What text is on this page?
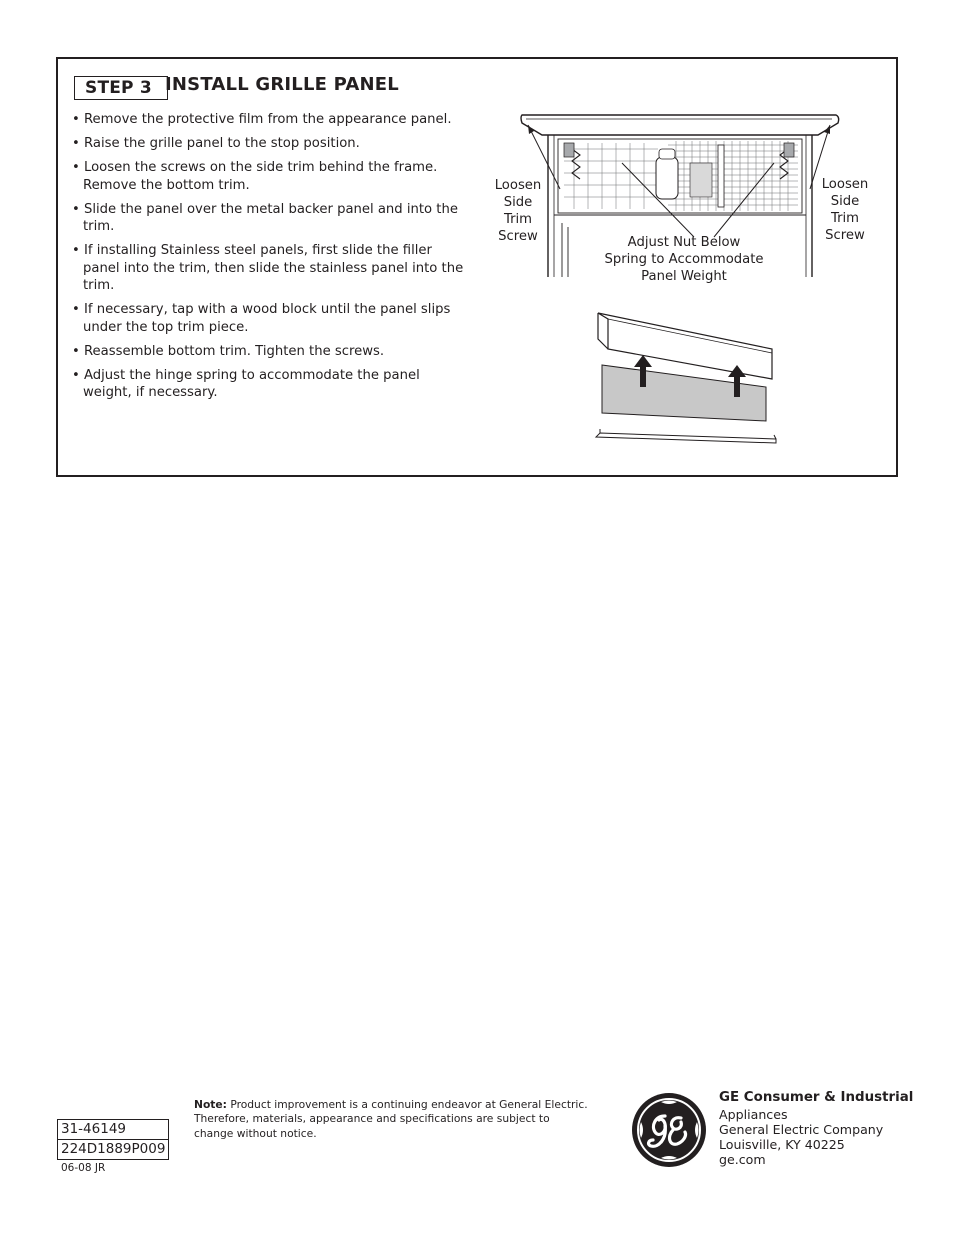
STEP 3 INSTALL GRILLE PANEL
• Remove the protective film from the appearance panel.
• Raise the grille panel to the stop position.
• Loosen the screws on the side trim behind the frame. Remove the bottom trim.
• Slide the panel over the metal backer panel and into the trim.
• If installing Stainless steel panels, first slide the filler panel into the trim, then slide the stainless panel into the trim.
• If necessary, tap with a wood block until the panel slips under the top trim piece.
• Reassemble bottom trim. Tighten the screws.
• Adjust the hinge spring to accommodate the panel weight, if necessary.
Loosen
Side
Trim
Screw
Loosen
Side
Trim
Screw
Adjust Nut Below
Spring to Accommodate
Panel Weight
31-46149
224D1889P009
06-08 JR
Note: Product improvement is a continuing endeavor at General Electric. Therefore, materials, appearance and specifications are subject to change without notice.
GE Consumer & Industrial
Appliances
General Electric Company
Louisville, KY 40225
ge.com
